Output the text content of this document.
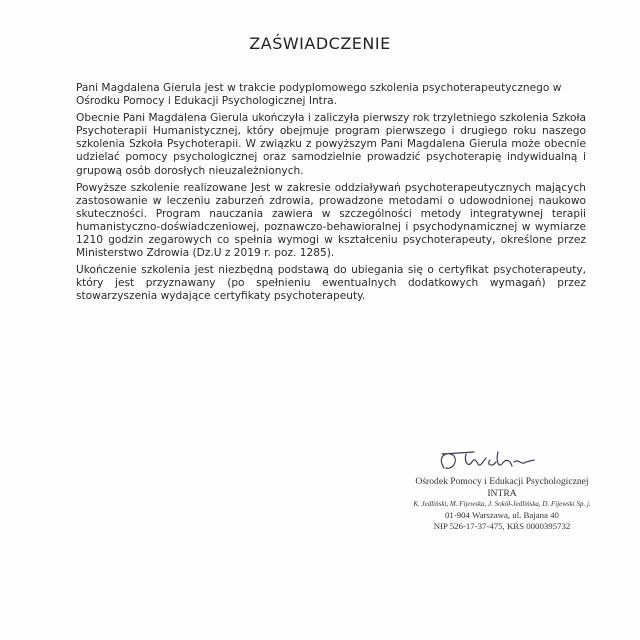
ZAŚWIADCZENIE

Pani Magdalena Gierula jest w trakcie podyplomowego szkolenia psychoterapeutycznego w Ośrodku Pomocy i Edukacji Psychologicznej Intra.

Obecnie Pani Magdalena Gierula ukończyła i zaliczyła pierwszy rok trzyletniego szkolenia Szkoła Psychoterapii Humanistycznej, który obejmuje program pierwszego i drugiego roku naszego szkolenia Szkoła Psychoterapii. W związku z powyższym Pani Magdalena Gierula może obecnie udzielać pomocy psychologicznej oraz samodzielnie prowadzić psychoterapię indywidualną i grupową osób dorosłych nieuzależnionych.

Powyższe szkolenie realizowane Jest w zakresie oddziaływań psychoterapeutycznych mających zastosowanie w leczeniu zaburzeń zdrowia, prowadzone metodami o udowodnionej naukowo skuteczności. Program nauczania zawiera w szczególności metody integratywnej terapii humanistyczno-doświadczeniowej, poznawczo-behawioralnej i psychodynamicznej w wymiarze 1210 godzin zegarowych co spełnia wymogi w kształceniu psychoterapeuty, określone przez Ministerstwo Zdrowia (Dz.U z 2019 r. poz. 1285).

Ukończenie szkolenia jest niezbędną podstawą do ubiegania się o certyfikat psychoterapeuty, który jest przyznawany (po spełnieniu ewentualnych dodatkowych wymagań) przez stowarzyszenia wydające certyfikaty psychoterapeuty.

Ośrodek Pomocy i Edukacji Psychologicznej
INTRA
K. Jedliński, M. Fijewska, J. Sokół-Jedlińska, D. Fijewski Sp. j.
01-904 Warszawa, ul. Bajana 40
NIP 526-17-37-475, KRS 0000395732
